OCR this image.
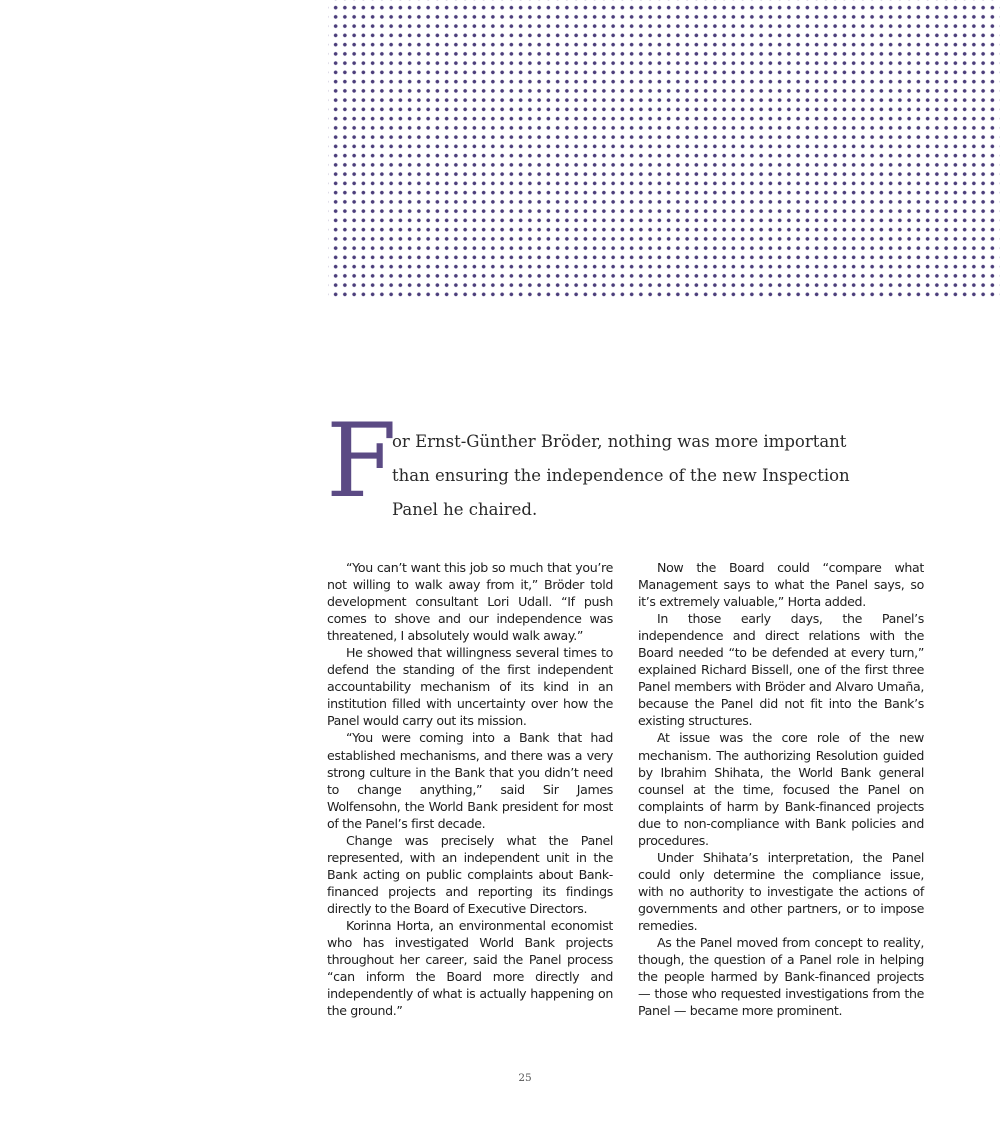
F
or Ernst-Günther Bröder, nothing was more important than ensuring the independence of the new Inspection Panel he chaired.

“You can’t want this job so much that you’re not willing to walk away from it,” Bröder told development consultant Lori Udall. “If push comes to shove and our independence was threatened, I absolutely would walk away.”

He showed that willingness several times to defend the standing of the first independent accountability mechanism of its kind in an institution filled with uncertainty over how the Panel would carry out its mission.

“You were coming into a Bank that had established mechanisms, and there was a very strong culture in the Bank that you didn’t need to change anything,” said Sir James Wolfensohn, the World Bank president for most of the Panel’s first decade.

Change was precisely what the Panel represented, with an independent unit in the Bank acting on public complaints about Bank-financed projects and reporting its findings directly to the Board of Executive Directors.

Korinna Horta, an environmental economist who has investigated World Bank projects throughout her career, said the Panel process “can inform the Board more directly and independently of what is actually happening on the ground.”

Now the Board could “compare what Management says to what the Panel says, so it’s extremely valuable,” Horta added.

In those early days, the Panel’s independence and direct relations with the Board needed “to be defended at every turn,” explained Richard Bissell, one of the first three Panel members with Bröder and Alvaro Umaña, because the Panel did not fit into the Bank’s existing structures.

At issue was the core role of the new mechanism. The authorizing Resolution guided by Ibrahim Shihata, the World Bank general counsel at the time, focused the Panel on complaints of harm by Bank-financed projects due to non-compliance with Bank policies and procedures.

Under Shihata’s interpretation, the Panel could only determine the compliance issue, with no authority to investigate the actions of governments and other partners, or to impose remedies.

As the Panel moved from concept to reality, though, the question of a Panel role in helping the people harmed by Bank-financed projects — those who requested investigations from the Panel — became more prominent.

25
